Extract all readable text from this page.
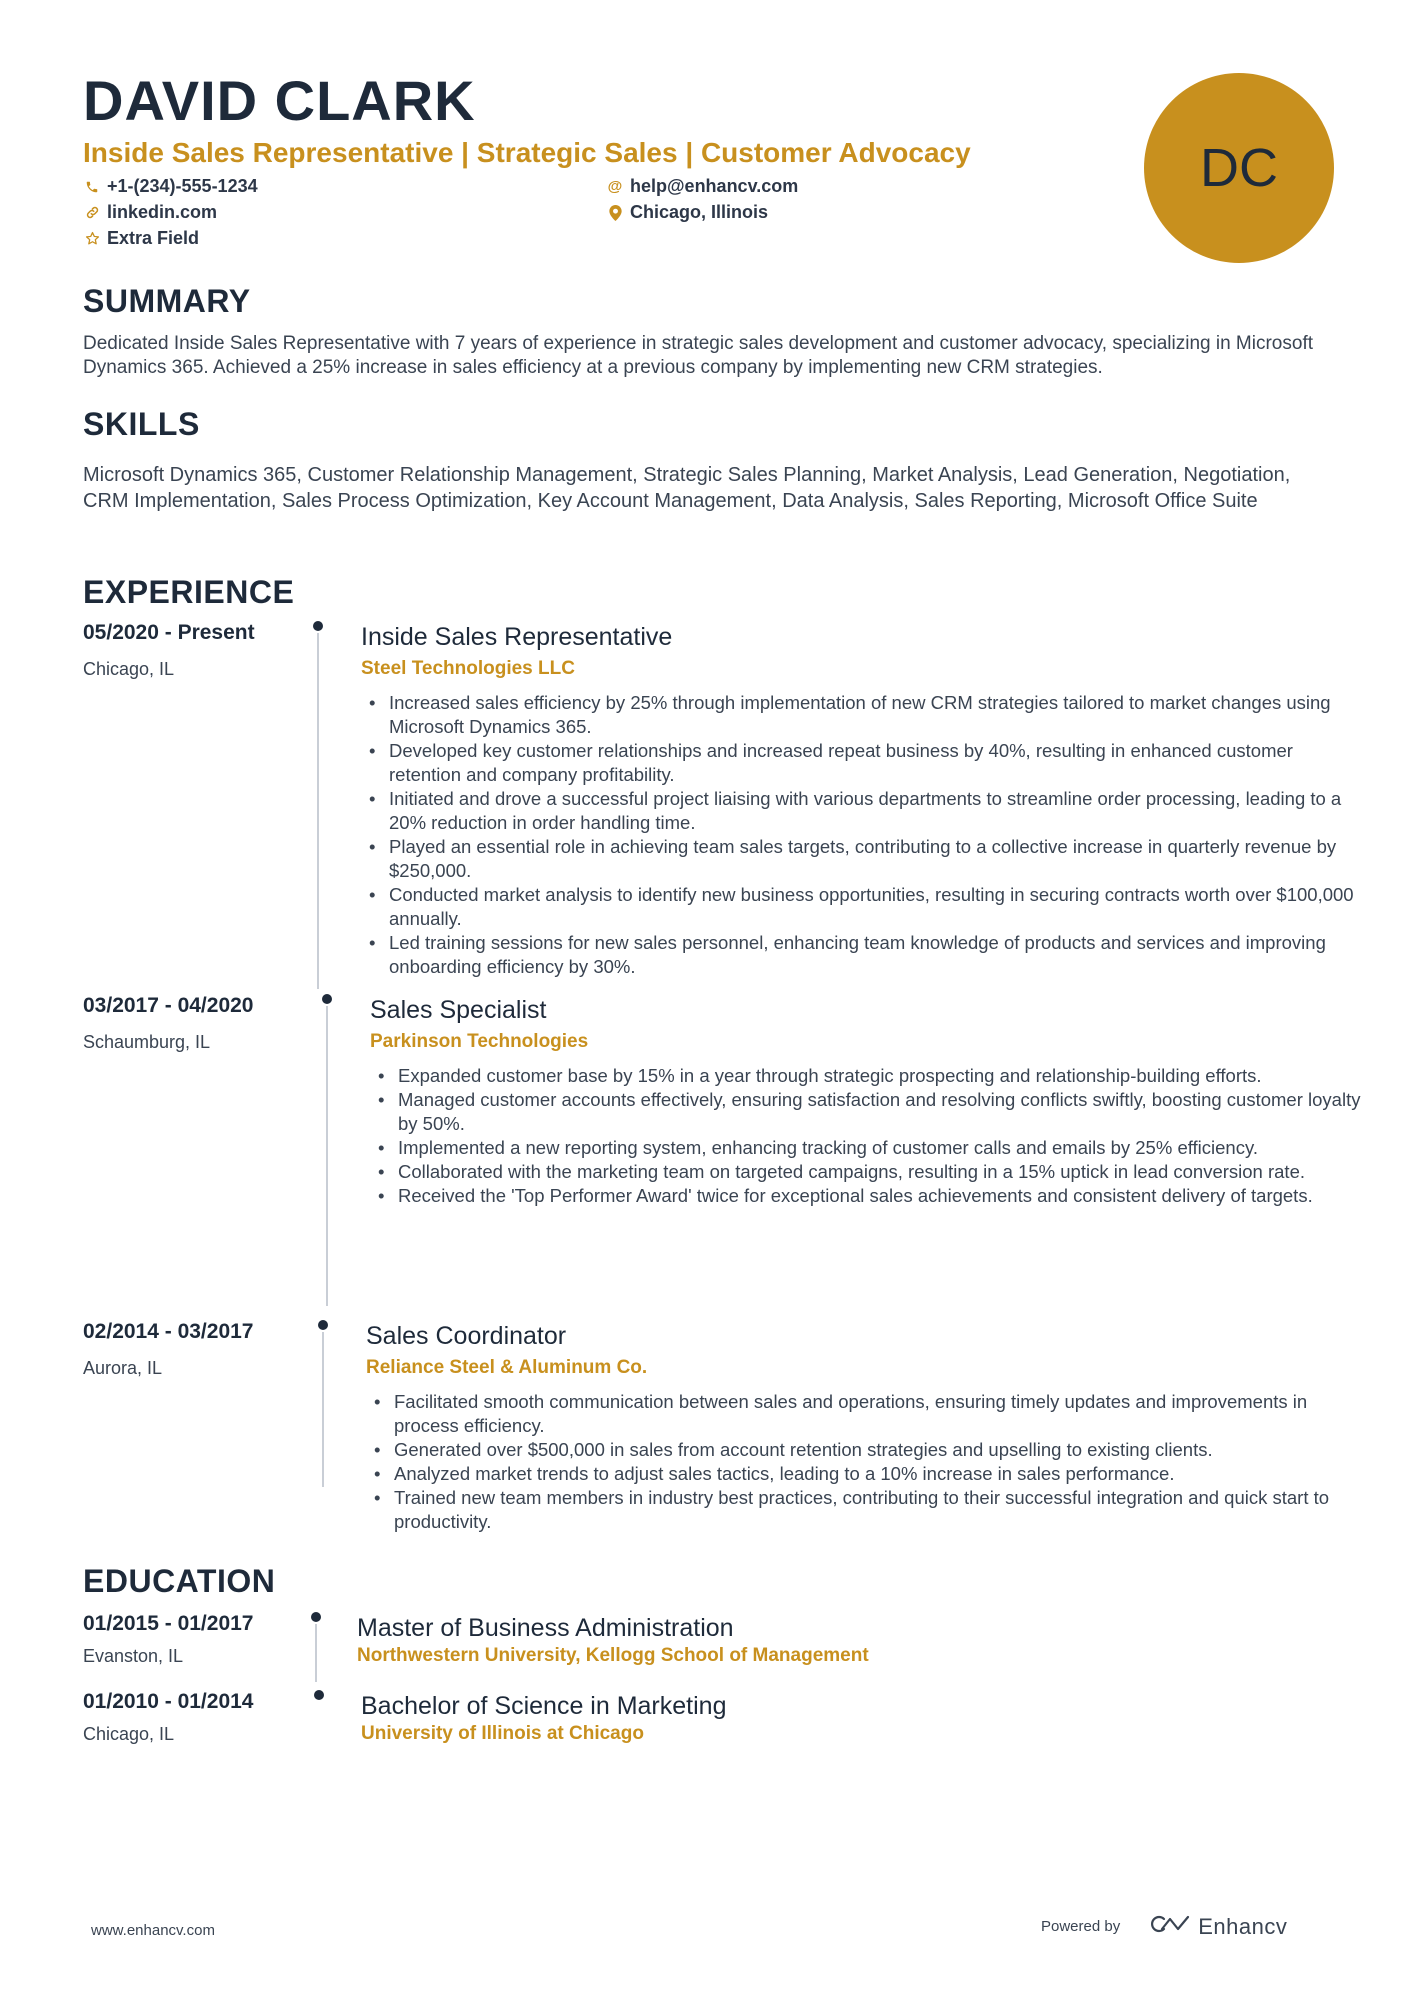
DAVID CLARK
Inside Sales Representative | Strategic Sales | Customer Advocacy
+1-(234)-555-1234	@ help@enhancv.com
linkedin.com	Chicago, Illinois
Extra Field
DC
SUMMARY
Dedicated Inside Sales Representative with 7 years of experience in strategic sales development and customer advocacy, specializing in Microsoft Dynamics 365. Achieved a 25% increase in sales efficiency at a previous company by implementing new CRM strategies.
SKILLS
Microsoft Dynamics 365, Customer Relationship Management, Strategic Sales Planning, Market Analysis, Lead Generation, Negotiation, CRM Implementation, Sales Process Optimization, Key Account Management, Data Analysis, Sales Reporting, Microsoft Office Suite
EXPERIENCE
05/2020 - Present
Chicago, IL
Inside Sales Representative
Steel Technologies LLC
• Increased sales efficiency by 25% through implementation of new CRM strategies tailored to market changes using Microsoft Dynamics 365.
• Developed key customer relationships and increased repeat business by 40%, resulting in enhanced customer retention and company profitability.
• Initiated and drove a successful project liaising with various departments to streamline order processing, leading to a 20% reduction in order handling time.
• Played an essential role in achieving team sales targets, contributing to a collective increase in quarterly revenue by $250,000.
• Conducted market analysis to identify new business opportunities, resulting in securing contracts worth over $100,000 annually.
• Led training sessions for new sales personnel, enhancing team knowledge of products and services and improving onboarding efficiency by 30%.
03/2017 - 04/2020
Schaumburg, IL
Sales Specialist
Parkinson Technologies
• Expanded customer base by 15% in a year through strategic prospecting and relationship-building efforts.
• Managed customer accounts effectively, ensuring satisfaction and resolving conflicts swiftly, boosting customer loyalty by 50%.
• Implemented a new reporting system, enhancing tracking of customer calls and emails by 25% efficiency.
• Collaborated with the marketing team on targeted campaigns, resulting in a 15% uptick in lead conversion rate.
• Received the 'Top Performer Award' twice for exceptional sales achievements and consistent delivery of targets.
02/2014 - 03/2017
Aurora, IL
Sales Coordinator
Reliance Steel & Aluminum Co.
• Facilitated smooth communication between sales and operations, ensuring timely updates and improvements in process efficiency.
• Generated over $500,000 in sales from account retention strategies and upselling to existing clients.
• Analyzed market trends to adjust sales tactics, leading to a 10% increase in sales performance.
• Trained new team members in industry best practices, contributing to their successful integration and quick start to productivity.
EDUCATION
01/2015 - 01/2017
Evanston, IL
Master of Business Administration
Northwestern University, Kellogg School of Management
01/2010 - 01/2014
Chicago, IL
Bachelor of Science in Marketing
University of Illinois at Chicago
www.enhancv.com	Powered by	Enhancv
